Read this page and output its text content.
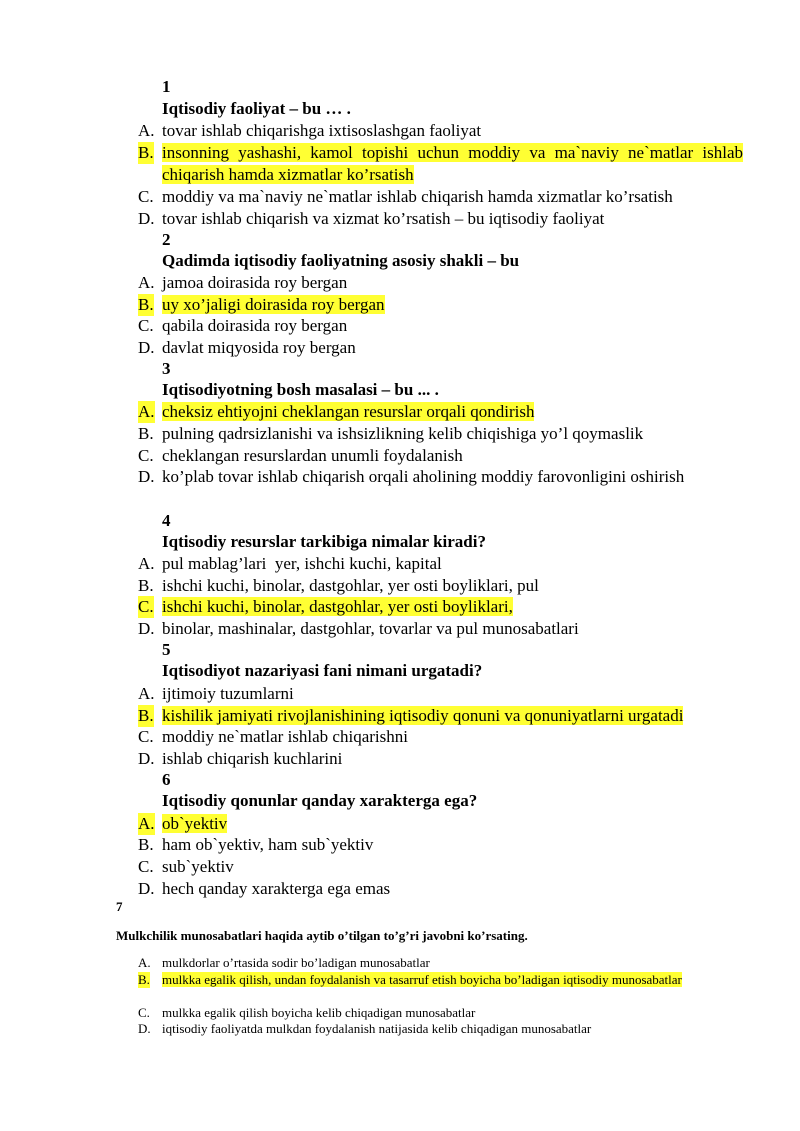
1
Iqtisodiy faoliyat – bu … .
A. tovar ishlab chiqarishga ixtisoslashgan faoliyat
B. insonning yashashi, kamol topishi uchun moddiy va ma`naviy ne`matlar ishlab chiqarish hamda xizmatlar ko’rsatish
C. moddiy va ma`naviy ne`matlar ishlab chiqarish hamda xizmatlar ko’rsatish
D. tovar ishlab chiqarish va xizmat ko’rsatish – bu iqtisodiy faoliyat
2
Qadimda iqtisodiy faoliyatning asosiy shakli – bu
A. jamoa doirasida roy bergan
B. uy xo’jaligi doirasida roy bergan
C. qabila doirasida roy bergan
D. davlat miqyosida roy bergan
3
Iqtisodiyotning bosh masalasi – bu ... .
A. cheksiz ehtiyojni cheklangan resurslar orqali qondirish
B. pulning qadrsizlanishi va ishsizlikning kelib chiqishiga yo’l qoymaslik
C. cheklangan resurslardan unumli foydalanish
D. ko’plab tovar ishlab chiqarish orqali aholining moddiy farovonligini oshirish
4
Iqtisodiy resurslar tarkibiga nimalar kiradi?
A. pul mablag’lari  yer, ishchi kuchi, kapital
B. ishchi kuchi, binolar, dastgohlar, yer osti boyliklari, pul
C. ishchi kuchi, binolar, dastgohlar, yer osti boyliklari,
D. binolar, mashinalar, dastgohlar, tovarlar va pul munosabatlari
5
Iqtisodiyot nazariyasi fani nimani urgatadi?
A. ijtimoiy tuzumlarni
B. kishilik jamiyati rivojlanishining iqtisodiy qonuni va qonuniyatlarni urgatadi
C. moddiy ne`matlar ishlab chiqarishni
D. ishlab chiqarish kuchlarini
6
Iqtisodiy qonunlar qanday xarakterga ega?
A. ob`yektiv
B. ham ob`yektiv, ham sub`yektiv
C. sub`yektiv
D. hech qanday xarakterga ega emas
7
Mulkchilik munosabatlari haqida aytib o’tilgan to’g’ri javobni ko’rsating.
A. mulkdorlar o’rtasida sodir bo’ladigan munosabatlar
B. mulkka egalik qilish, undan foydalanish va tasarruf etish boyicha bo’ladigan iqtisodiy munosabatlar
C. mulkka egalik qilish boyicha kelib chiqadigan munosabatlar
D. iqtisodiy faoliyatda mulkdan foydalanish natijasida kelib chiqadigan munosabatlar
